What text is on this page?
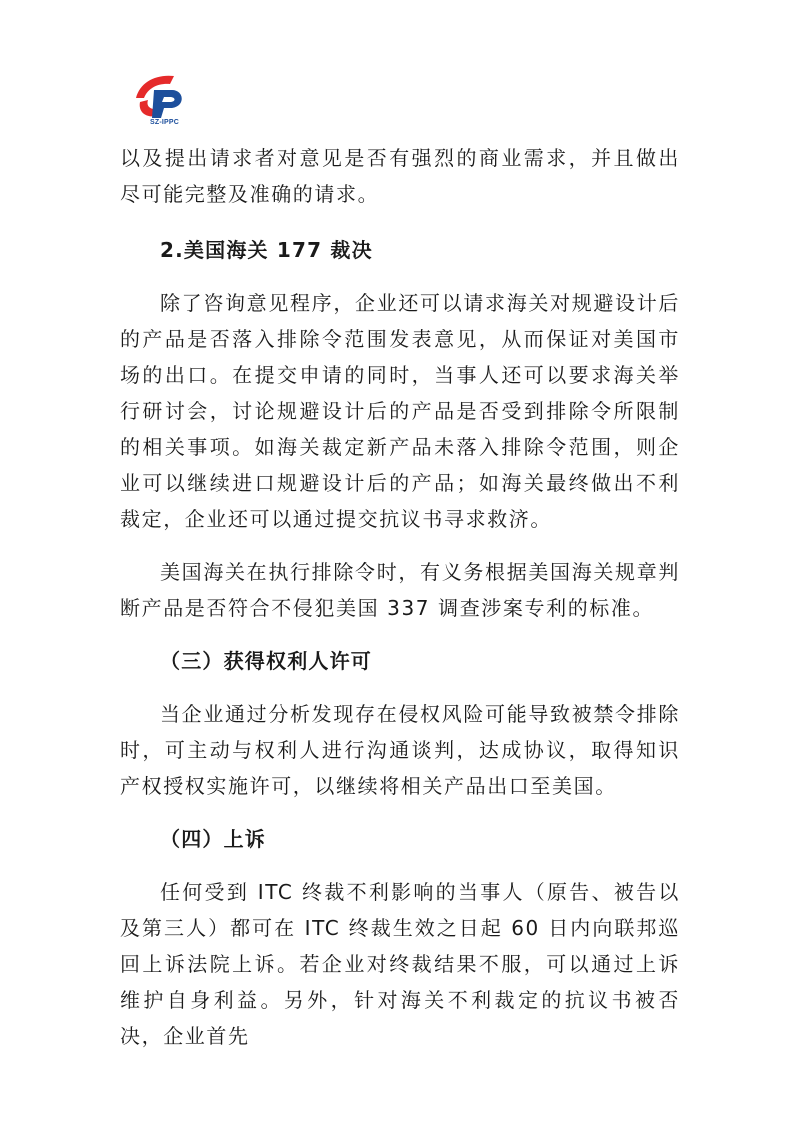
SZ-IPPC

以及提出请求者对意见是否有强烈的商业需求，并且做出尽可能完整及准确的请求。

2.美国海关 177 裁决

除了咨询意见程序，企业还可以请求海关对规避设计后的产品是否落入排除令范围发表意见，从而保证对美国市场的出口。在提交申请的同时，当事人还可以要求海关举行研讨会，讨论规避设计后的产品是否受到排除令所限制的相关事项。如海关裁定新产品未落入排除令范围，则企业可以继续进口规避设计后的产品；如海关最终做出不利裁定，企业还可以通过提交抗议书寻求救济。

美国海关在执行排除令时，有义务根据美国海关规章判断产品是否符合不侵犯美国 337 调查涉案专利的标准。

（三）获得权利人许可

当企业通过分析发现存在侵权风险可能导致被禁令排除时，可主动与权利人进行沟通谈判，达成协议，取得知识产权授权实施许可，以继续将相关产品出口至美国。

（四）上诉

任何受到 ITC 终裁不利影响的当事人（原告、被告以及第三人）都可在 ITC 终裁生效之日起 60 日内向联邦巡回上诉法院上诉。若企业对终裁结果不服，可以通过上诉维护自身利益。另外，针对海关不利裁定的抗议书被否决，企业首先
